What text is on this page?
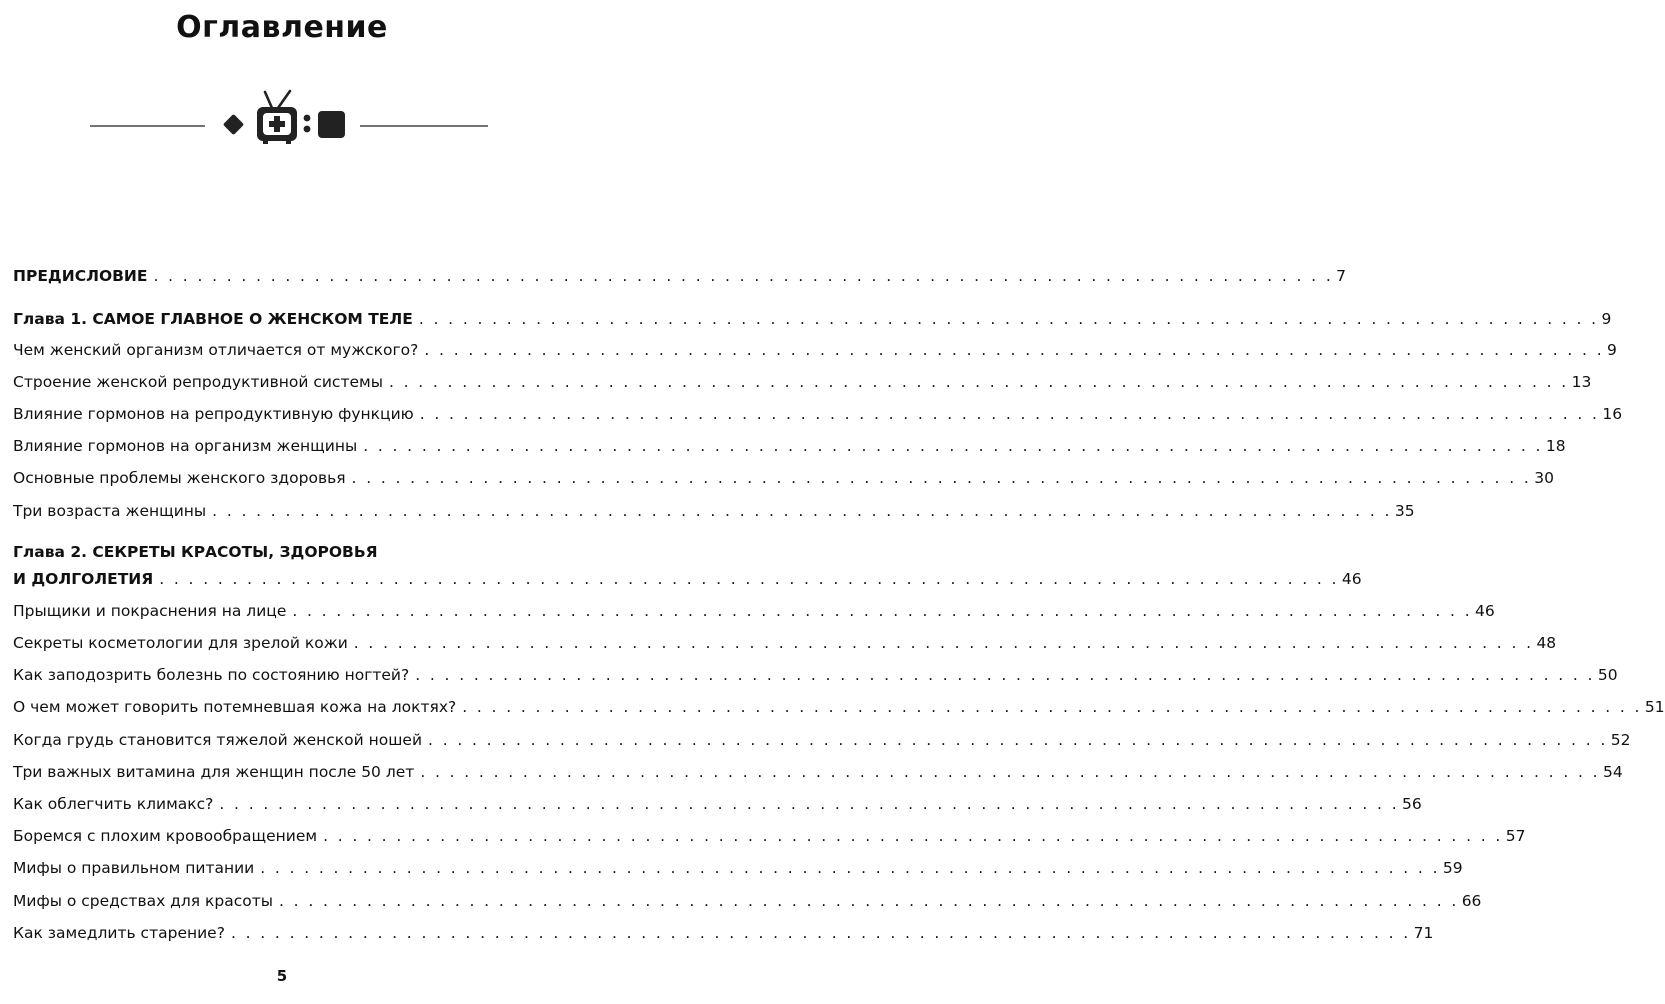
Оглавление
ПРЕДИСЛОВИЕ . . . . . . . . . . . . . . . . . . . . . . . . . . . . . . . . . . . . . . . . . . . . . . . . . . . . . . . . . . . . . . . . . . . . . . . . . . . . . . . . . 7
Глава 1. САМОЕ ГЛАВНОЕ О ЖЕНСКОМ ТЕЛЕ . . . . . . . . . . . . . . . . . . . . . . . . . . . . . . . . . . . . . . . . . . . . . . . . . . . . . . . . . . . . . . . . . . . . . . . . . . . . . . . . . 9
Чем женский организм отличается от мужского? . . . . . . . . . . . . . . . . . . . . . . . . . . . . . . . . . . . . . . . . . . . . . . . . . . . . . . . . . . . . . . . . . . . . . . . . . . . . . . . . . 9
Строение женской репродуктивной системы . . . . . . . . . . . . . . . . . . . . . . . . . . . . . . . . . . . . . . . . . . . . . . . . . . . . . . . . . . . . . . . . . . . . . . . . . . . . . . . . . 13
Влияние гормонов на репродуктивную функцию . . . . . . . . . . . . . . . . . . . . . . . . . . . . . . . . . . . . . . . . . . . . . . . . . . . . . . . . . . . . . . . . . . . . . . . . . . . . . . . . . 16
Влияние гормонов на организм женщины . . . . . . . . . . . . . . . . . . . . . . . . . . . . . . . . . . . . . . . . . . . . . . . . . . . . . . . . . . . . . . . . . . . . . . . . . . . . . . . . . 18
Основные проблемы женского здоровья . . . . . . . . . . . . . . . . . . . . . . . . . . . . . . . . . . . . . . . . . . . . . . . . . . . . . . . . . . . . . . . . . . . . . . . . . . . . . . . . . 30
Три возраста женщины . . . . . . . . . . . . . . . . . . . . . . . . . . . . . . . . . . . . . . . . . . . . . . . . . . . . . . . . . . . . . . . . . . . . . . . . . . . . . . . . . 35
Глава 2. СЕКРЕТЫ КРАСОТЫ, ЗДОРОВЬЯ
И ДОЛГОЛЕТИЯ . . . . . . . . . . . . . . . . . . . . . . . . . . . . . . . . . . . . . . . . . . . . . . . . . . . . . . . . . . . . . . . . . . . . . . . . . . . . . . . . . 46
Прыщики и покраснения на лице . . . . . . . . . . . . . . . . . . . . . . . . . . . . . . . . . . . . . . . . . . . . . . . . . . . . . . . . . . . . . . . . . . . . . . . . . . . . . . . . . 46
Секреты косметологии для зрелой кожи . . . . . . . . . . . . . . . . . . . . . . . . . . . . . . . . . . . . . . . . . . . . . . . . . . . . . . . . . . . . . . . . . . . . . . . . . . . . . . . . . 48
Как заподозрить болезнь по состоянию ногтей? . . . . . . . . . . . . . . . . . . . . . . . . . . . . . . . . . . . . . . . . . . . . . . . . . . . . . . . . . . . . . . . . . . . . . . . . . . . . . . . . . 50
О чем может говорить потемневшая кожа на локтях? . . . . . . . . . . . . . . . . . . . . . . . . . . . . . . . . . . . . . . . . . . . . . . . . . . . . . . . . . . . . . . . . . . . . . . . . . . . . . . . . . 51
Когда грудь становится тяжелой женской ношей . . . . . . . . . . . . . . . . . . . . . . . . . . . . . . . . . . . . . . . . . . . . . . . . . . . . . . . . . . . . . . . . . . . . . . . . . . . . . . . . . 52
Три важных витамина для женщин после 50 лет . . . . . . . . . . . . . . . . . . . . . . . . . . . . . . . . . . . . . . . . . . . . . . . . . . . . . . . . . . . . . . . . . . . . . . . . . . . . . . . . . 54
Как облегчить климакс? . . . . . . . . . . . . . . . . . . . . . . . . . . . . . . . . . . . . . . . . . . . . . . . . . . . . . . . . . . . . . . . . . . . . . . . . . . . . . . . . . 56
Боремся с плохим кровообращением . . . . . . . . . . . . . . . . . . . . . . . . . . . . . . . . . . . . . . . . . . . . . . . . . . . . . . . . . . . . . . . . . . . . . . . . . . . . . . . . . 57
Мифы о правильном питании . . . . . . . . . . . . . . . . . . . . . . . . . . . . . . . . . . . . . . . . . . . . . . . . . . . . . . . . . . . . . . . . . . . . . . . . . . . . . . . . . 59
Мифы о средствах для красоты . . . . . . . . . . . . . . . . . . . . . . . . . . . . . . . . . . . . . . . . . . . . . . . . . . . . . . . . . . . . . . . . . . . . . . . . . . . . . . . . . 66
Как замедлить старение? . . . . . . . . . . . . . . . . . . . . . . . . . . . . . . . . . . . . . . . . . . . . . . . . . . . . . . . . . . . . . . . . . . . . . . . . . . . . . . . . . 71
5
